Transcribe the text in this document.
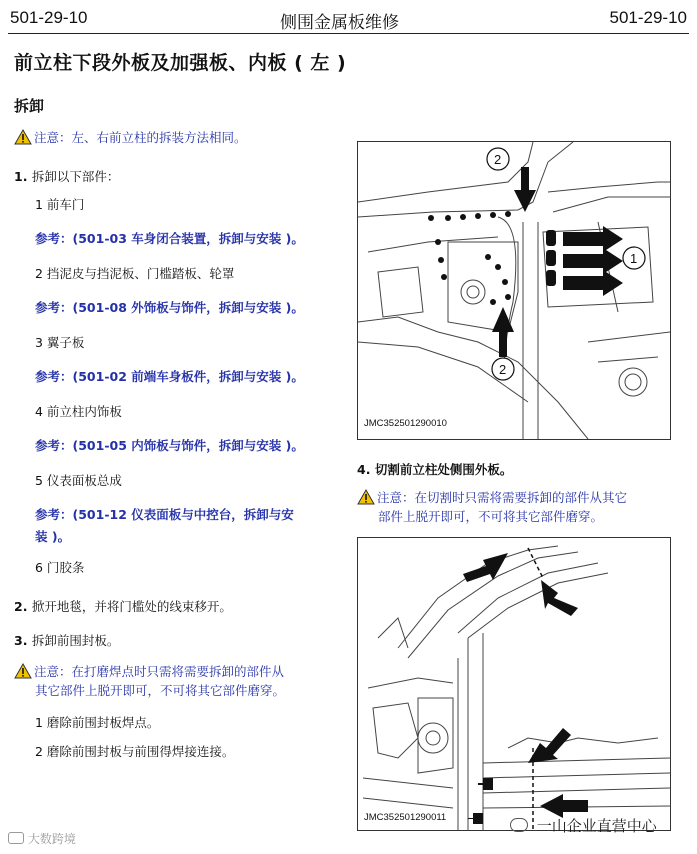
501-29-10	侧围金属板维修	501-29-10
前立柱下段外板及加强板、内板 ( 左 )
拆卸
注意：左、右前立柱的拆装方法相同。
1. 拆卸以下部件：
1 前车门
参考：(501-03 车身闭合装置，拆卸与安装 )。
2 挡泥皮与挡泥板、门槛踏板、轮罩
参考：(501-08 外饰板与饰件，拆卸与安装 )。
3 翼子板
参考：(501-02 前端车身板件，拆卸与安装 )。
4 前立柱内饰板
参考：(501-05 内饰板与饰件，拆卸与安装 )。
5 仪表面板总成
参考：(501-12 仪表面板与中控台，拆卸与安
装 )。
6 门胶条
2. 掀开地毯，并将门槛处的线束移开。
3. 拆卸前围封板。
注意：在打磨焊点时只需将需要拆卸的部件从
其它部件上脱开即可，不可将其它部件磨穿。
1 磨除前围封板焊点。
2 磨除前围封板与前围得焊接连接。
2
1
2
JMC352501290010
4. 切割前立柱处侧围外板。
注意：在切割时只需将需要拆卸的部件从其它
部件上脱开即可，不可将其它部件磨穿。
JMC352501290011
大数跨境
一山企业直营中心
